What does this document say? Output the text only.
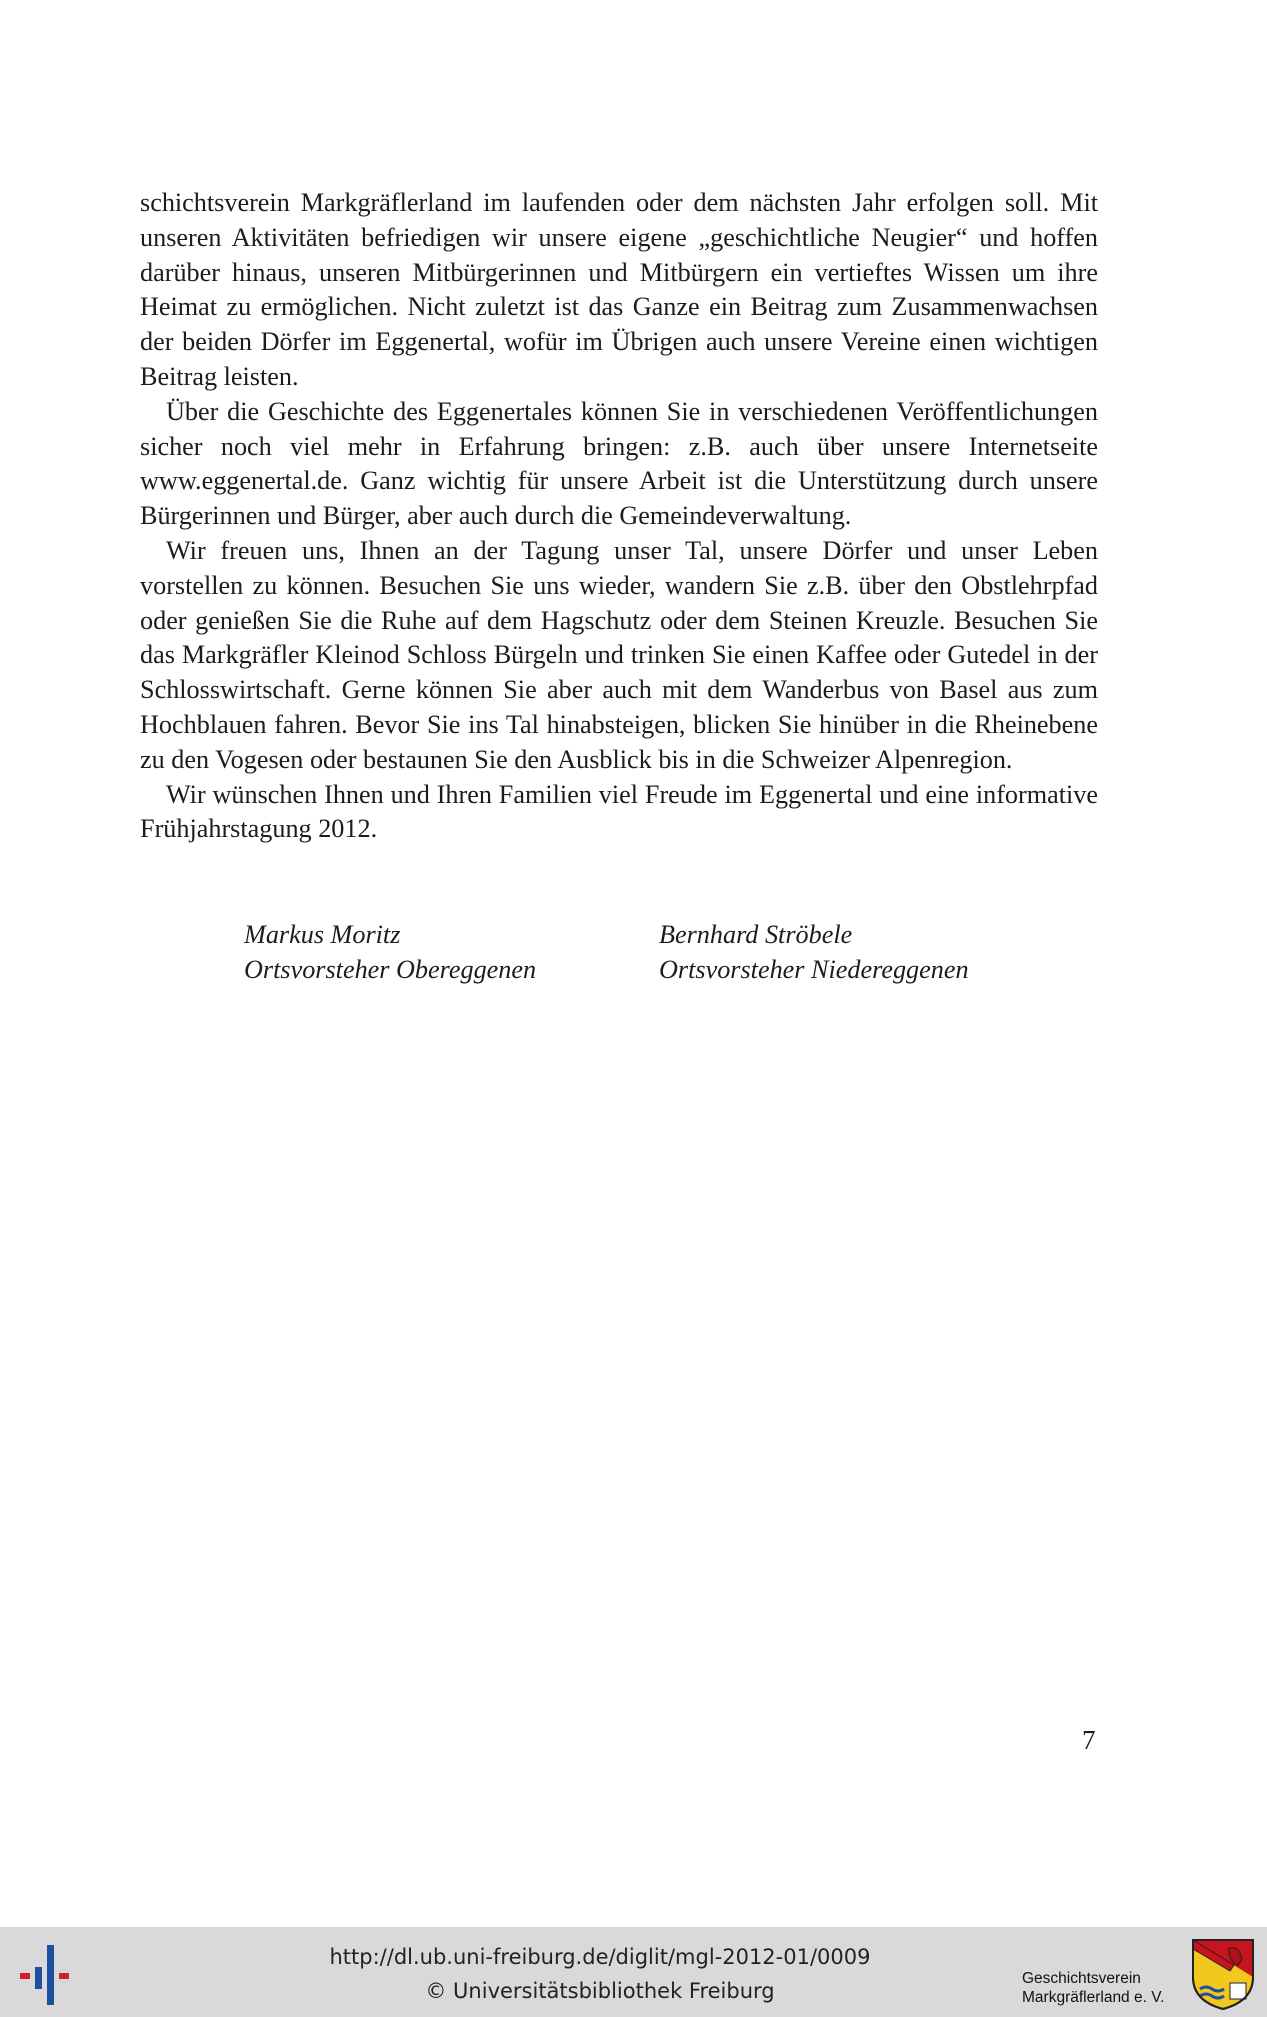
schichtsverein Markgräflerland im laufenden oder dem nächsten Jahr erfolgen soll. Mit unseren Aktivitäten befriedigen wir unsere eigene „geschichtliche Neugier“ und hoffen darüber hinaus, unseren Mitbürgerinnen und Mitbürgern ein vertieftes Wissen um ihre Heimat zu ermöglichen. Nicht zuletzt ist das Ganze ein Beitrag zum Zusammenwachsen der beiden Dörfer im Eggenertal, wofür im Übrigen auch unsere Vereine einen wichtigen Beitrag leisten.

Über die Geschichte des Eggenertales können Sie in verschiedenen Veröffentlichungen sicher noch viel mehr in Erfahrung bringen: z.B. auch über unsere Internetseite www.eggenertal.de. Ganz wichtig für unsere Arbeit ist die Unterstützung durch unsere Bürgerinnen und Bürger, aber auch durch die Gemeindeverwaltung.

Wir freuen uns, Ihnen an der Tagung unser Tal, unsere Dörfer und unser Leben vorstellen zu können. Besuchen Sie uns wieder, wandern Sie z.B. über den Obstlehrpfad oder genießen Sie die Ruhe auf dem Hagschutz oder dem Steinen Kreuzle. Besuchen Sie das Markgräfler Kleinod Schloss Bürgeln und trinken Sie einen Kaffee oder Gutedel in der Schlosswirtschaft. Gerne können Sie aber auch mit dem Wanderbus von Basel aus zum Hochblauen fahren. Bevor Sie ins Tal hinabsteigen, blicken Sie hinüber in die Rheinebene zu den Vogesen oder bestaunen Sie den Ausblick bis in die Schweizer Alpenregion.

Wir wünschen Ihnen und Ihren Familien viel Freude im Eggenertal und eine informative Frühjahrstagung 2012.

Markus Moritz
Ortsvorsteher Obereggenen
Bernhard Ströbele
Ortsvorsteher Niedereggenen
7
http://dl.ub.uni-freiburg.de/diglit/mgl-2012-01/0009
© Universitätsbibliothek Freiburg
Geschichtsverein
Markgräflerland e. V.
